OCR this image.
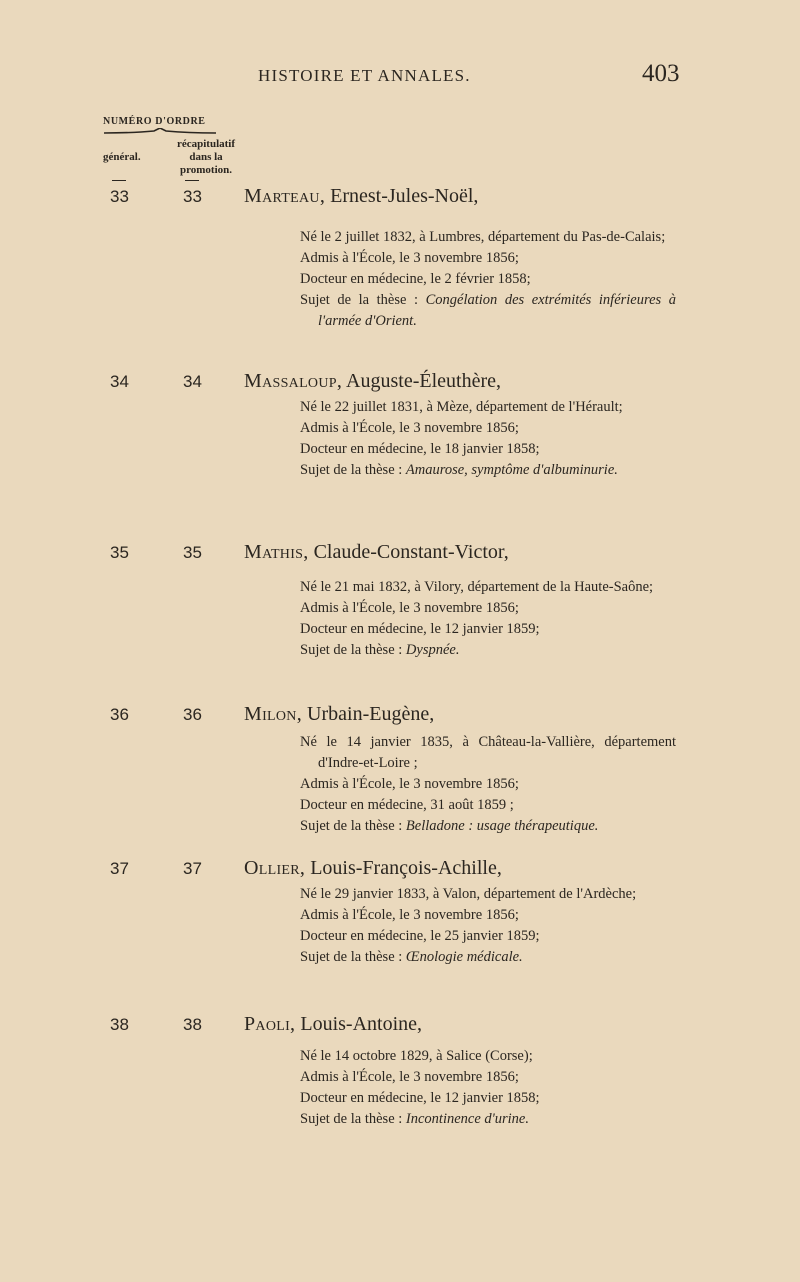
HISTOIRE ET ANNALES.	403
NUMÉRO D'ORDRE
général.
récapitulatif
dans la
promotion.
33	33 Marteau, Ernest-Jules-Noël,

Né le 2 juillet 1832, à Lumbres, département du Pas-de-Calais;

Admis à l'École, le 3 novembre 1856;

Docteur en médecine, le 2 février 1858;

Sujet de la thèse : Congélation des extrémités inférieures à l'armée d'Orient.

34	34 Massaloup, Auguste-Éleuthère,

Né le 22 juillet 1831, à Mèze, département de l'Hérault;

Admis à l'École, le 3 novembre 1856;

Docteur en médecine, le 18 janvier 1858;

Sujet de la thèse : Amaurose, symptôme d'albuminurie.

35	35 Mathis, Claude-Constant-Victor,

Né le 21 mai 1832, à Vilory, département de la Haute-Saône;

Admis à l'École, le 3 novembre 1856;

Docteur en médecine, le 12 janvier 1859;

Sujet de la thèse : Dyspnée.

36	36 Milon, Urbain-Eugène,

Né le 14 janvier 1835, à Château-la-Vallière, département d'Indre-et-Loire ;

Admis à l'École, le 3 novembre 1856;

Docteur en médecine, 31 août 1859 ;

Sujet de la thèse : Belladone : usage thérapeutique.

37	37 Ollier, Louis-François-Achille,

Né le 29 janvier 1833, à Valon, département de l'Ardèche;

Admis à l'École, le 3 novembre 1856;

Docteur en médecine, le 25 janvier 1859;

Sujet de la thèse : Œnologie médicale.

38	38 Paoli, Louis-Antoine,

Né le 14 octobre 1829, à Salice (Corse);

Admis à l'École, le 3 novembre 1856;

Docteur en médecine, le 12 janvier 1858;

Sujet de la thèse : Incontinence d'urine.
